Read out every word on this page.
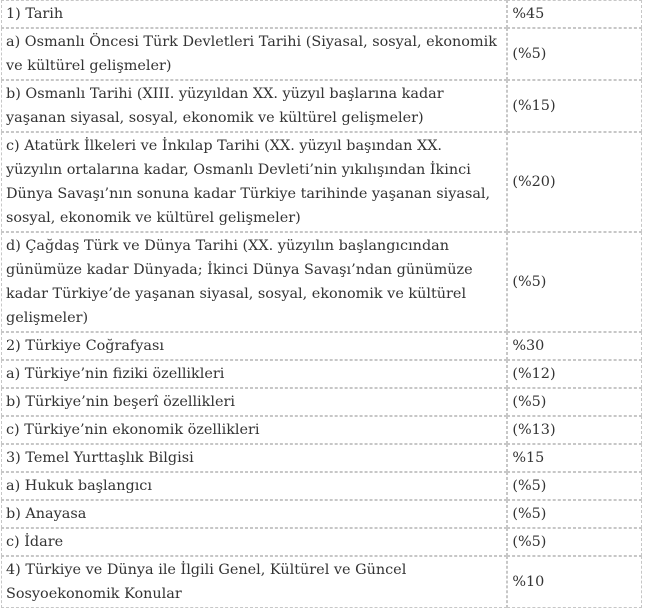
1) Tarih	%45
a) Osmanlı Öncesi Türk Devletleri Tarihi (Siyasal, sosyal, ekonomik ve kültürel gelişmeler)	(%5)
b) Osmanlı Tarihi (XIII. yüzyıldan XX. yüzyıl başlarına kadar yaşanan siyasal, sosyal, ekonomik ve kültürel gelişmeler)	(%15)
c) Atatürk İlkeleri ve İnkılap Tarihi (XX. yüzyıl başından XX. yüzyılın ortalarına kadar, Osmanlı Devleti’nin yıkılışından İkinci Dünya Savaşı’nın sonuna kadar Türkiye tarihinde yaşanan siyasal, sosyal, ekonomik ve kültürel gelişmeler)	(%20)
d) Çağdaş Türk ve Dünya Tarihi (XX. yüzyılın başlangıcından günümüze kadar Dünyada; İkinci Dünya Savaşı’ndan günümüze kadar Türkiye’de yaşanan siyasal, sosyal, ekonomik ve kültürel gelişmeler)	(%5)
2) Türkiye Coğrafyası	%30
a) Türkiye’nin fiziki özellikleri	(%12)
b) Türkiye’nin beşerî özellikleri	(%5)
c) Türkiye’nin ekonomik özellikleri	(%13)
3) Temel Yurttaşlık Bilgisi	%15
a) Hukuk başlangıcı	(%5)
b) Anayasa	(%5)
c) İdare	(%5)
4) Türkiye ve Dünya ile İlgili Genel, Kültürel ve Güncel Sosyoekonomik Konular	%10
